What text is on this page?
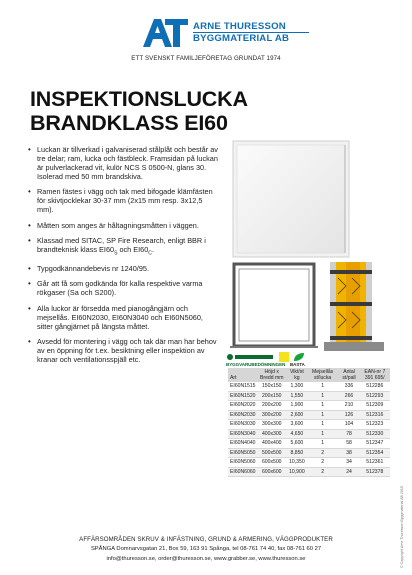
ARNE THURESSON
BYGGMATERIAL AB
ETT SVENSKT FAMILJEFÖRETAG GRUNDAT 1974
INSPEKTIONSLUCKA
BRANDKLASS EI60
• Luckan är tillverkad i galvaniserad stålplåt och består av tre delar; ram, lucka och fästbleck. Framsidan på luckan är pulverlackerad vit, kulör NCS S 0500-N, glans 30. Isolerad med 50 mm brandskiva.
• Ramen fästes i vägg och tak med bifogade klämfästen för skivtjocklekar 30-37 mm (2x15 mm resp. 3x12,5 mm).
• Måtten som anges är håltagningsmåtten i väggen.
• Klassad med SITAC, SP Fire Research, enligt BBR i brandteknisk klass $EI60_S$ och $EI60_C$.
• Typgodkännandebevis nr 1240/95.
• Går att få som godkända för kalla respektive varma rökgaser (Sa och S200).
• Alla luckor är försedda med pianogångjärn och mejsellås. EI60N2030, EI60N3040 och EI60N5060, sitter gångjärnet på längsta måttet.
• Avsedd för montering i vägg och tak där man har behov av en öppning för t.ex. besiktning eller inspektion av kranar och ventilationsspjäll etc.
BYGGVARUBEDÖMNINGEN BASTA
Art	Höjd x Bredd mm	Vikt/st kg	Mejsellås st/lucka	Antal st/pall	EAN-nr 7 391 695/
EI60N1515	150x150	1,300	1	336	512286
EI60N1520	200x150	1,550	1	266	512293
EI60N2020	200x200	1,900	1	210	512309
EI60N2030	300x200	2,600	1	126	512316
EI60N3030	300x300	3,600	1	104	512323
EI60N3040	400x300	4,650	1	78	512330
EI60N4040	400x400	5,600	1	58	512347
EI60N5050	500x500	8,850	2	38	512354
EI60N5060	600x500	10,350	2	34	512361
EI60N6060	600x600	10,900	2	24	512378
© Copyright Arne Thuresson Byggmaterial AB 2015
AFFÄRSOMRÅDEN SKRUV & INFÄSTNING, GRUND & ARMERING, VÄGGPRODUKTER
SPÅNGA Domnarvsgatan 21, Box 59, 163 91 Spånga, tel 08-761 74 40, fax 08-761 60 27
info@thuresson.se, order@thuresson.se, www.grabber.se, www.thuresson.se
